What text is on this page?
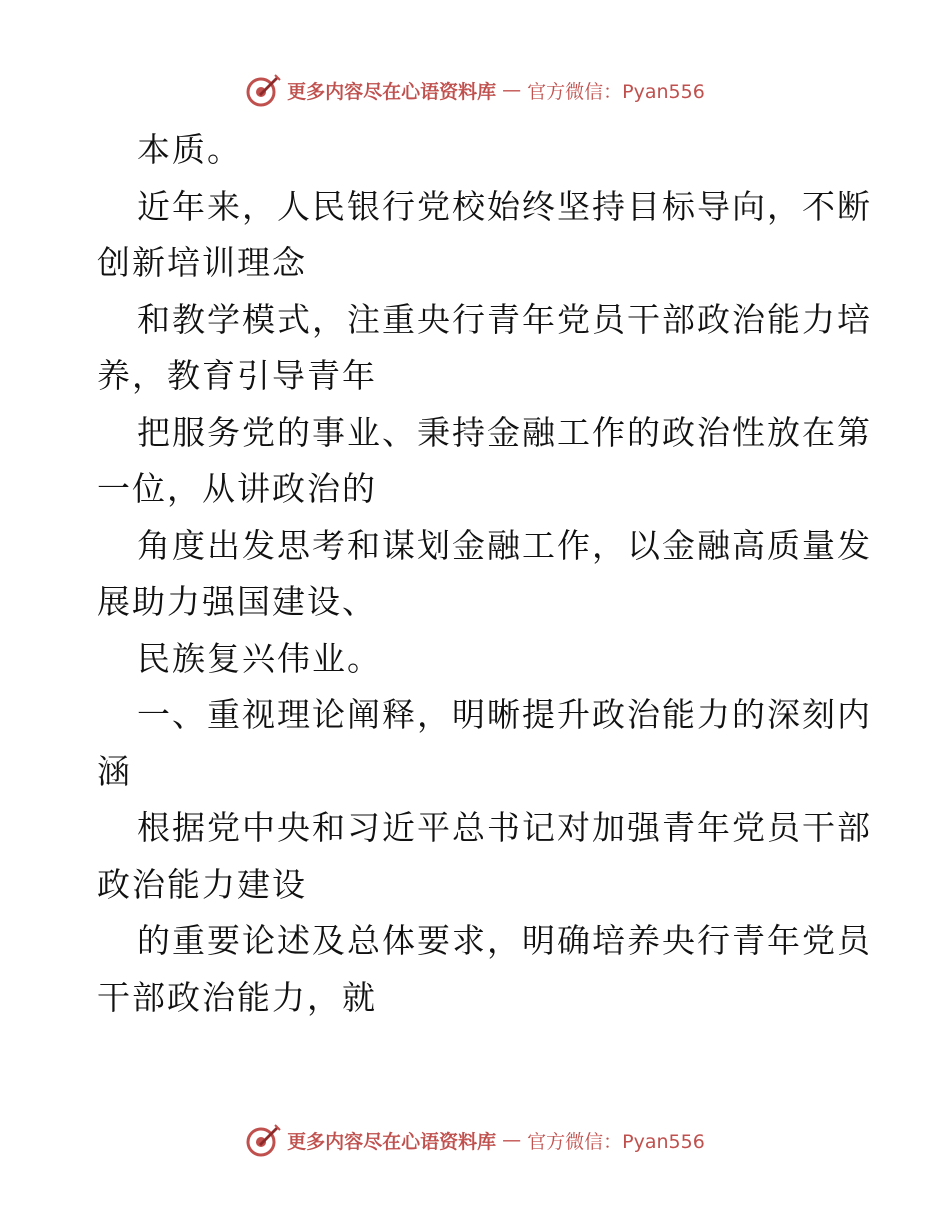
更多内容尽在心语资料库 — 官方微信：Pyan556

本质。

近年来，人民银行党校始终坚持目标导向，不断
创新培训理念

和教学模式，注重央行青年党员干部政治能力培
养，教育引导青年

把服务党的事业、秉持金融工作的政治性放在第
一位，从讲政治的

角度出发思考和谋划金融工作，以金融高质量发
展助力强国建设、

民族复兴伟业。

一、重视理论阐释，明晰提升政治能力的深刻内
涵

根据党中央和习近平总书记对加强青年党员干部
政治能力建设

的重要论述及总体要求，明确培养央行青年党员
干部政治能力，就

更多内容尽在心语资料库 — 官方微信：Pyan556
